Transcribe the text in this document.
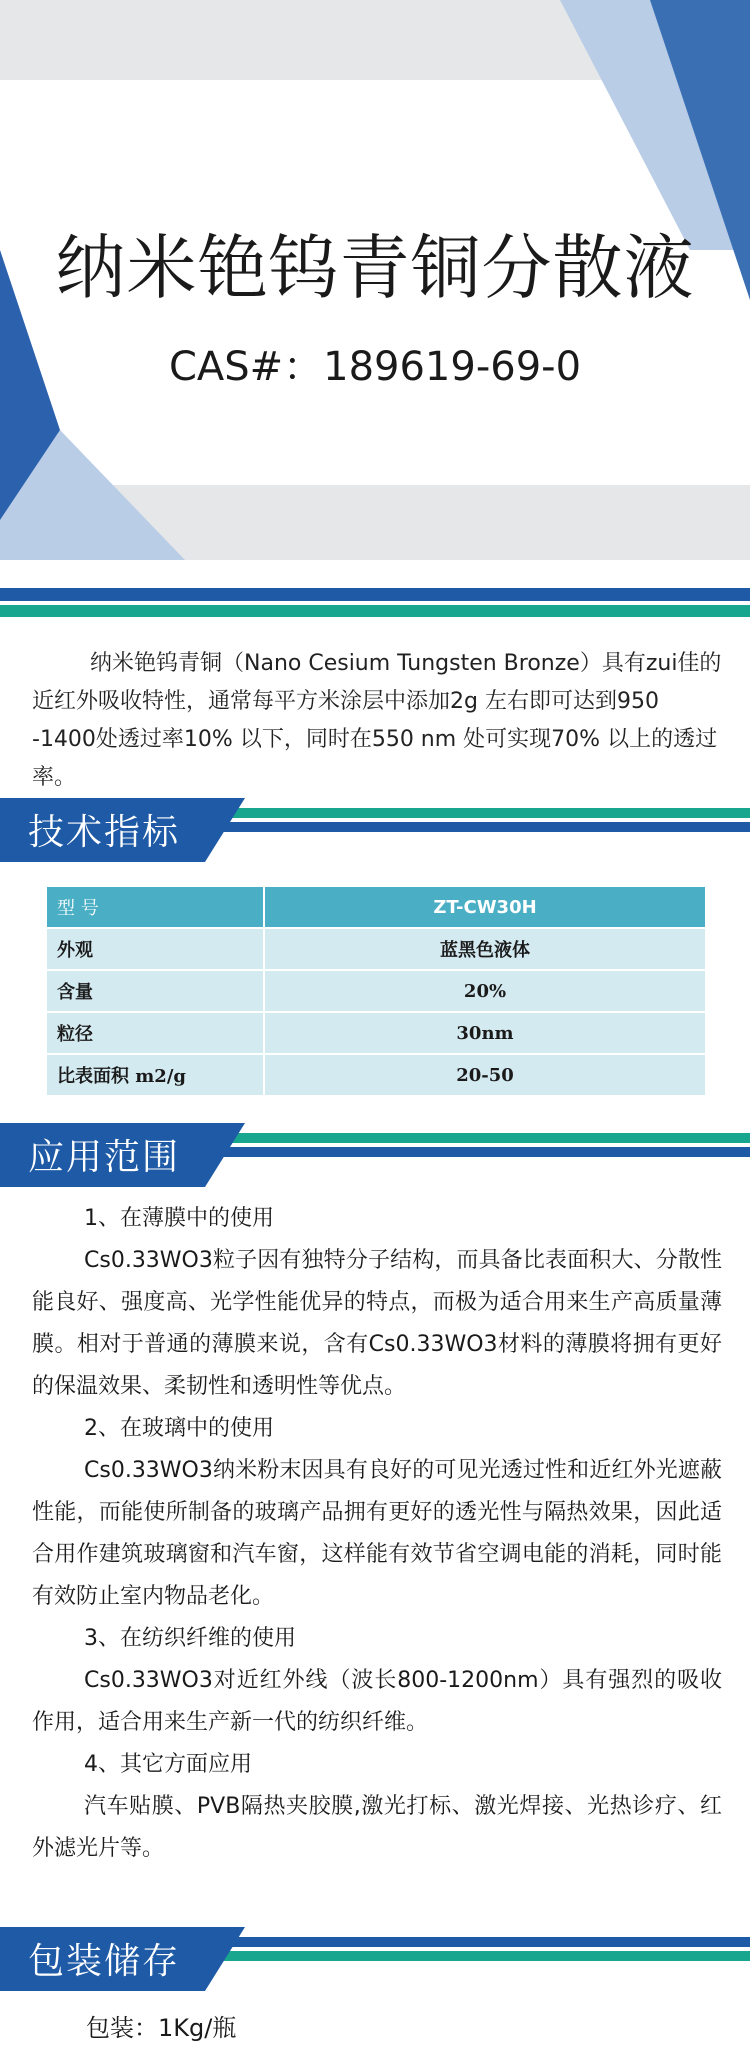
纳米铯钨青铜分散液
CAS#：189619-69-0

纳米铯钨青铜（Nano Cesium Tungsten Bronze）具有zui佳的近红外吸收特性，通常每平方米涂层中添加2g 左右即可达到950 -1400处透过率10% 以下，同时在550 nm 处可实现70% 以上的透过率。

技术指标
型 号	ZT-CW30H
外观	蓝黑色液体
含量	20%
粒径	30nm
比表面积 m2/g	20-50
应用范围
1、在薄膜中的使用
Cs0.33WO3粒子因有独特分子结构，而具备比表面积大、分散性能良好、强度高、光学性能优异的特点，而极为适合用来生产高质量薄膜。相对于普通的薄膜来说，含有Cs0.33WO3材料的薄膜将拥有更好的保温效果、柔韧性和透明性等优点。
2、在玻璃中的使用
Cs0.33WO3纳米粉末因具有良好的可见光透过性和近红外光遮蔽性能，而能使所制备的玻璃产品拥有更好的透光性与隔热效果，因此适合用作建筑玻璃窗和汽车窗，这样能有效节省空调电能的消耗，同时能有效防止室内物品老化。
3、在纺织纤维的使用
Cs0.33WO3对近红外线（波长800-1200nm）具有强烈的吸收作用，适合用来生产新一代的纺织纤维。
4、其它方面应用
汽车贴膜、PVB隔热夹胶膜,激光打标、激光焊接、光热诊疗、红外滤光片等。
包装储存
包装：1Kg/瓶
